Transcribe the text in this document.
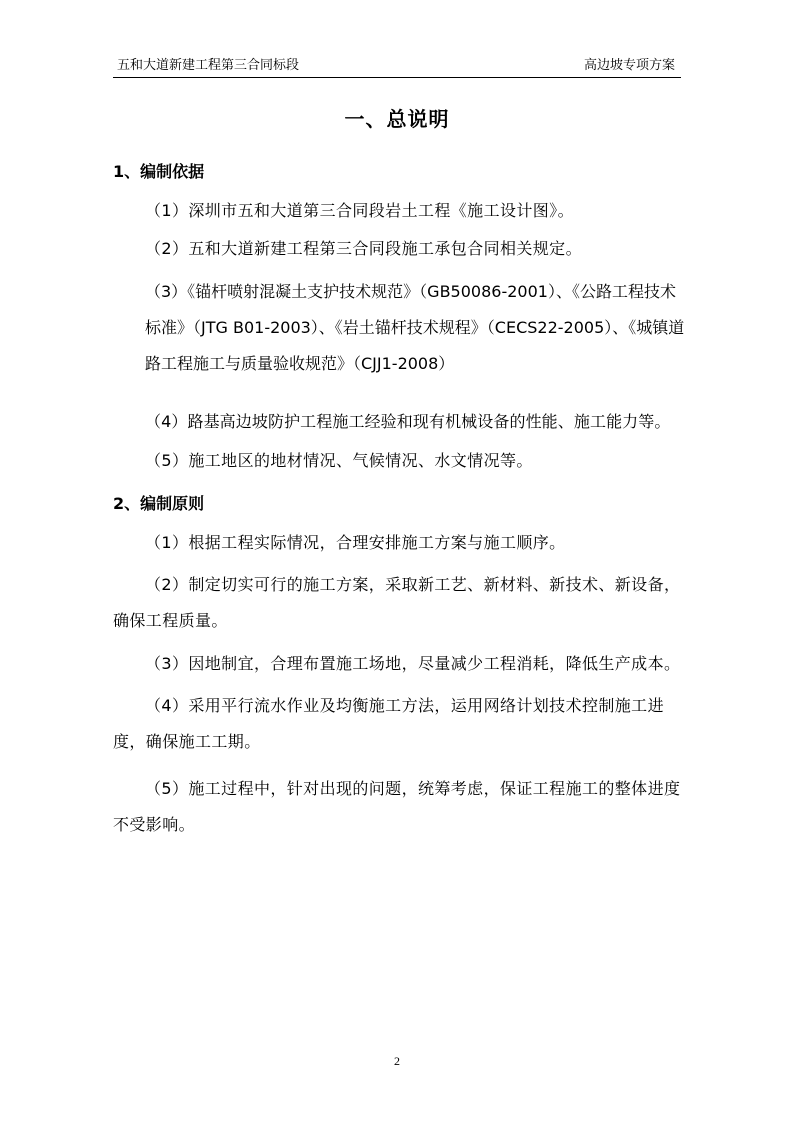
五和大道新建工程第三合同标段	高边坡专项方案
一、总说明
1、编制依据
（1）深圳市五和大道第三合同段岩土工程《施工设计图》。
（2）五和大道新建工程第三合同段施工承包合同相关规定。
（3）《锚杆喷射混凝土支护技术规范》（GB50086-2001）、《公路工程技术标准》（JTG B01-2003）、《岩土锚杆技术规程》（CECS22-2005）、《城镇道路工程施工与质量验收规范》（CJJ1-2008）
（4）路基高边坡防护工程施工经验和现有机械设备的性能、施工能力等。
（5）施工地区的地材情况、气候情况、水文情况等。
2、编制原则
（1）根据工程实际情况，合理安排施工方案与施工顺序。
（2）制定切实可行的施工方案，采取新工艺、新材料、新技术、新设备，确保工程质量。
（3）因地制宜，合理布置施工场地，尽量减少工程消耗，降低生产成本。
（4）采用平行流水作业及均衡施工方法，运用网络计划技术控制施工进度，确保施工工期。
（5）施工过程中，针对出现的问题，统筹考虑，保证工程施工的整体进度不受影响。
2
